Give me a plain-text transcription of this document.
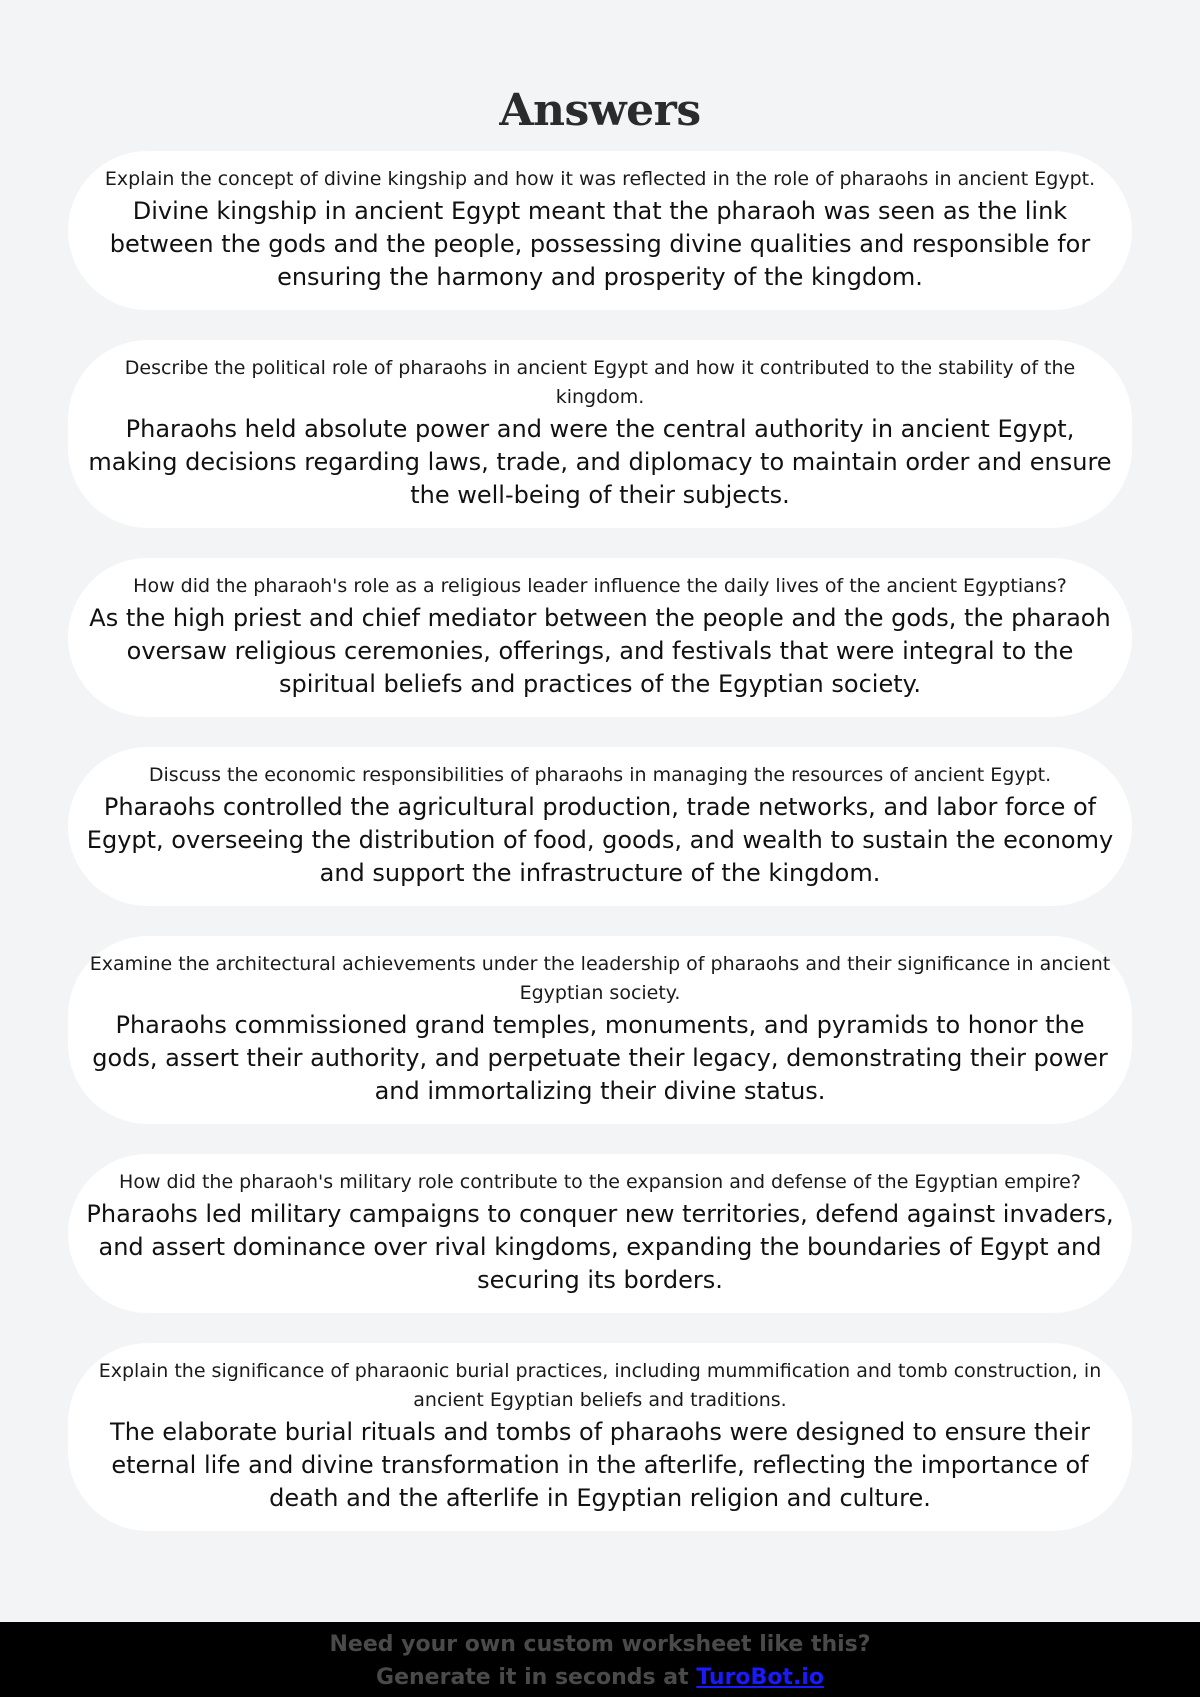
Answers
Explain the concept of divine kingship and how it was reflected in the role of pharaohs in ancient Egypt.
Divine kingship in ancient Egypt meant that the pharaoh was seen as the link between the gods and the people, possessing divine qualities and responsible for ensuring the harmony and prosperity of the kingdom.
Describe the political role of pharaohs in ancient Egypt and how it contributed to the stability of the kingdom.
Pharaohs held absolute power and were the central authority in ancient Egypt, making decisions regarding laws, trade, and diplomacy to maintain order and ensure the well-being of their subjects.
How did the pharaoh's role as a religious leader influence the daily lives of the ancient Egyptians?
As the high priest and chief mediator between the people and the gods, the pharaoh oversaw religious ceremonies, offerings, and festivals that were integral to the spiritual beliefs and practices of the Egyptian society.
Discuss the economic responsibilities of pharaohs in managing the resources of ancient Egypt.
Pharaohs controlled the agricultural production, trade networks, and labor force of Egypt, overseeing the distribution of food, goods, and wealth to sustain the economy and support the infrastructure of the kingdom.
Examine the architectural achievements under the leadership of pharaohs and their significance in ancient Egyptian society.
Pharaohs commissioned grand temples, monuments, and pyramids to honor the gods, assert their authority, and perpetuate their legacy, demonstrating their power and immortalizing their divine status.
How did the pharaoh's military role contribute to the expansion and defense of the Egyptian empire?
Pharaohs led military campaigns to conquer new territories, defend against invaders, and assert dominance over rival kingdoms, expanding the boundaries of Egypt and securing its borders.
Explain the significance of pharaonic burial practices, including mummification and tomb construction, in ancient Egyptian beliefs and traditions.
The elaborate burial rituals and tombs of pharaohs were designed to ensure their eternal life and divine transformation in the afterlife, reflecting the importance of death and the afterlife in Egyptian religion and culture.
Need your own custom worksheet like this?
Generate it in seconds at TuroBot.io
